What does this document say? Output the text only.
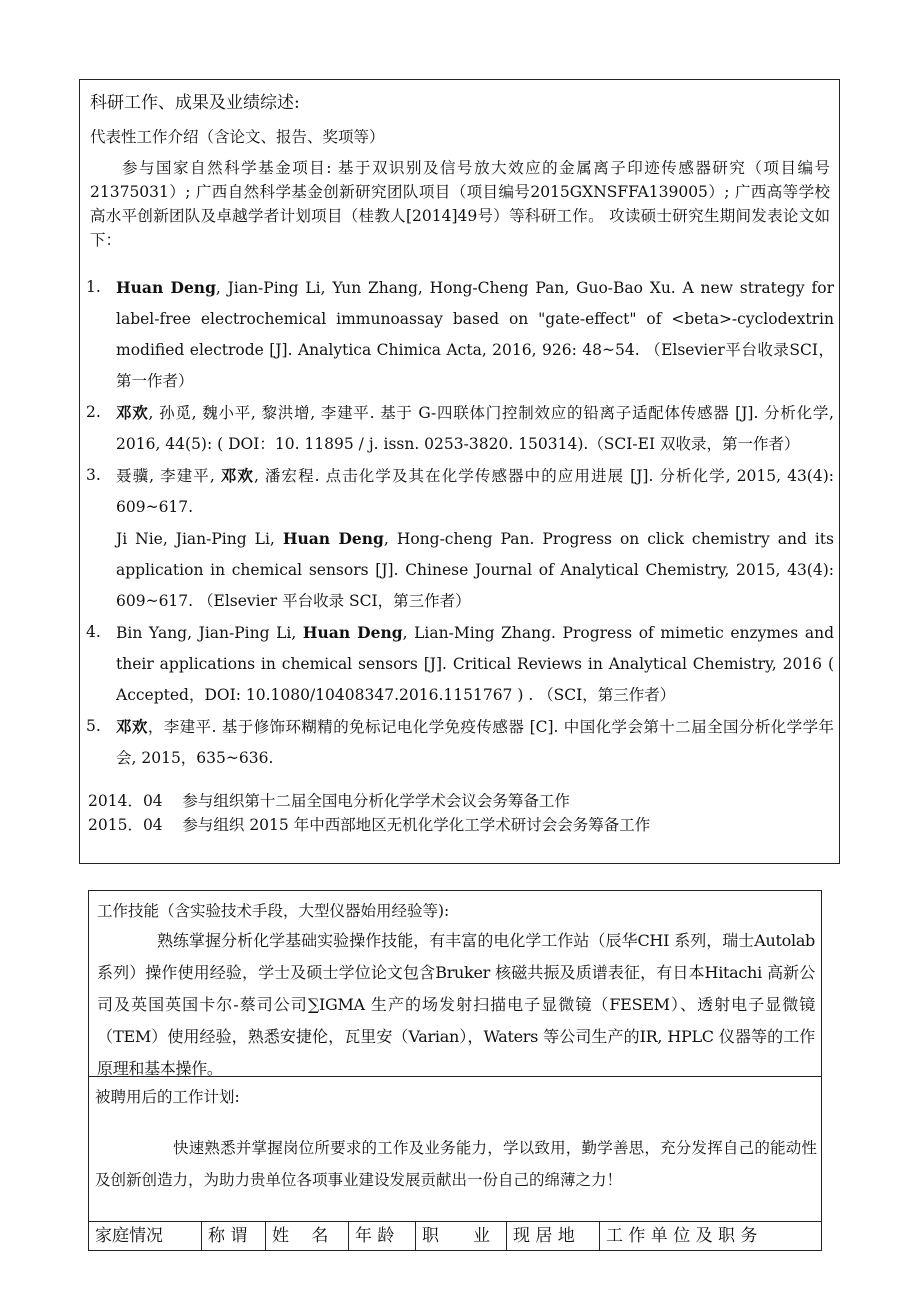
科研工作、成果及业绩综述:
代表性工作介绍（含论文、报告、奖项等）
参与国家自然科学基金项目: 基于双识别及信号放大效应的金属离子印迹传感器研究（项目编号 21375031）; 广西自然科学基金创新研究团队项目（项目编号2015GXNSFFA139005）; 广西高等学校高水平创新团队及卓越学者计划项目（桂教人[2014]49号）等科研工作。 攻读硕士研究生期间发表论文如下：
1. Huan Deng, Jian-Ping Li, Yun Zhang, Hong-Cheng Pan, Guo-Bao Xu. A new strategy for label-free electrochemical immunoassay based on "gate-effect" of <beta>-cyclodextrin modified electrode [J]. Analytica Chimica Acta, 2016, 926: 48~54. （Elsevier平台收录SCI， 第一作者）
2. 邓欢, 孙觅, 魏小平, 黎洪增, 李建平. 基于 G-四联体门控制效应的铅离子适配体传感器 [J]. 分析化学, 2016, 44(5): ( DOI：10. 11895 / j. issn. 0253-3820. 150314).（SCI-EI 双收录，第一作者）
3. 聂骥, 李建平, 邓欢, 潘宏程. 点击化学及其在化学传感器中的应用进展 [J]. 分析化学, 2015, 43(4): 609~617.
Ji Nie, Jian-Ping Li, Huan Deng, Hong-cheng Pan. Progress on click chemistry and its application in chemical sensors [J]. Chinese Journal of Analytical Chemistry, 2015, 43(4): 609~617. （Elsevier 平台收录 SCI，第三作者）
4. Bin Yang, Jian-Ping Li, Huan Deng, Lian-Ming Zhang. Progress of mimetic enzymes and their applications in chemical sensors [J]. Critical Reviews in Analytical Chemistry, 2016 ( Accepted，DOI: 10.1080/10408347.2016.1151767 ) . （SCI，第三作者）
5. 邓欢，李建平. 基于修饰环糊精的免标记电化学免疫传感器 [C]. 中国化学会第十二届全国分析化学学年会, 2015，635~636.
2014．04 参与组织第十二届全国电分析化学学术会议会务筹备工作
2015．04 参与组织 2015 年中西部地区无机化学化工学术研讨会会务筹备工作
工作技能（含实验技术手段，大型仪器始用经验等):
熟练掌握分析化学基础实验操作技能，有丰富的电化学工作站（辰华CHI 系列，瑞士Autolab 系列）操作使用经验，学士及硕士学位论文包含Bruker 核磁共振及质谱表征，有日本Hitachi 高新公司及英国英国卡尔-蔡司公司∑IGMA 生产的场发射扫描电子显微镜（FESEM）、透射电子显微镜（TEM）使用经验，熟悉安捷伦，瓦里安（Varian），Waters 等公司生产的IR, HPLC 仪器等的工作原理和基本操作。
被聘用后的工作计划:
快速熟悉并掌握岗位所要求的工作及业务能力，学以致用，勤学善思，充分发挥自己的能动性及创新创造力，为助力贵单位各项事业建设发展贡献出一份自己的绵薄之力！
家庭情况	称 谓	姓　 名	年 龄	职　　业	现 居 地	工 作 单 位 及 职 务
